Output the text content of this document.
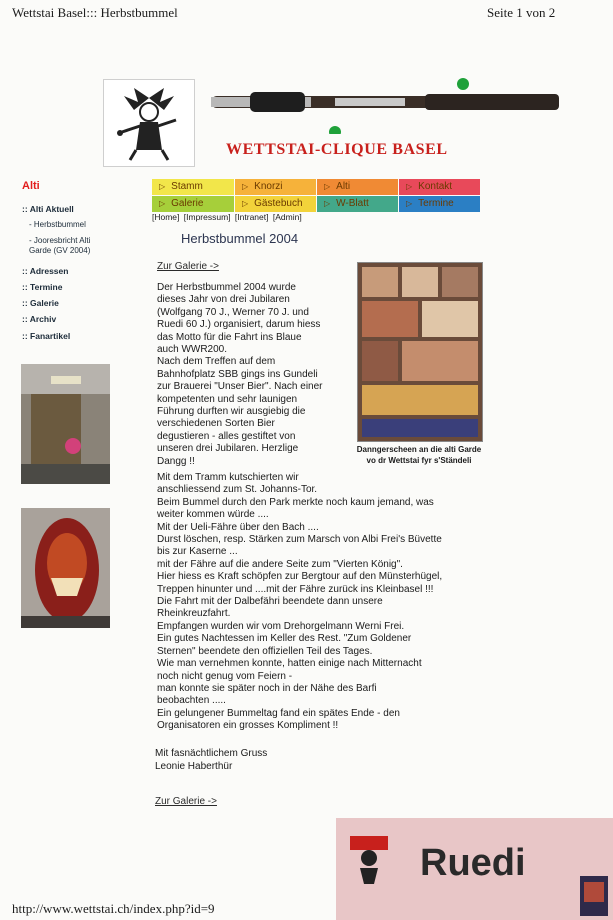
Wettstai Basel::: Herbstbummel	Seite 1 von 2
WETTSTAI-CLIQUE BASEL
Alti
:: Alti Aktuell
- Herbstbummel
- Jooresbricht Alti Garde (GV 2004)
:: Adressen
:: Termine
:: Galerie
:: Archiv
:: Fanartikel
▷ Stamm	▷ Knorzi	▷ Alti	▷ Kontakt
▷ Galerie	▷ Gästebuch	▷ W-Blatt	▷ Termine
[Home] [Impressum] [Intranet] [Admin]
Herbstbummel 2004
Zur Galerie ->
Der Herbstbummel 2004 wurde
dieses Jahr von drei Jubilaren
(Wolfgang 70 J., Werner 70 J. und
Ruedi 60 J.) organisiert, darum hiess
das Motto für die Fahrt ins Blaue
auch WWR200.
Nach dem Treffen auf dem
Bahnhofplatz SBB gings ins Gundeli
zur Brauerei "Unser Bier". Nach einer
kompetenten und sehr launigen
Führung durften wir ausgiebig die
verschiedenen Sorten Bier
degustieren - alles gestiftet von
unseren drei Jubilaren. Herzlige
Dangg !!
Mit dem Tramm kutschierten wir
anschliessend zum St. Johanns-Tor.
Beim Bummel durch den Park merkte noch kaum jemand, was
weiter kommen würde ....
Mit der Ueli-Fähre über den Bach ....
Durst löschen, resp. Stärken zum Marsch von Albi Frei's Büvette
bis zur Kaserne ...
mit der Fähre auf die andere Seite zum "Vierten König".
Hier hiess es Kraft schöpfen zur Bergtour auf den Münsterhügel,
Treppen hinunter und ....mit der Fähre zurück ins Kleinbasel !!!
Die Fahrt mit der Dalbefähri beendete dann unsere
Rheinkreuzfahrt.
Empfangen wurden wir vom Drehorgelmann Werni Frei.
Ein gutes Nachtessen im Keller des Rest. "Zum Goldener
Sternen" beendete den offiziellen Teil des Tages.
Wie man vernehmen konnte, hatten einige nach Mitternacht
noch nicht genug vom Feiern -
man konnte sie später noch in der Nähe des Barfi
beobachten .....
Ein gelungener Bummeltag fand ein spätes Ende - den
Organisatoren ein grosses Kompliment !!
Mit fasnächtlichem Gruss
Leonie Haberthür
Zur Galerie ->
Danngerscheen an die alti Garde vo dr Wettstai fyr s'Ständeli
Ruedi
http://www.wettstai.ch/index.php?id=9
